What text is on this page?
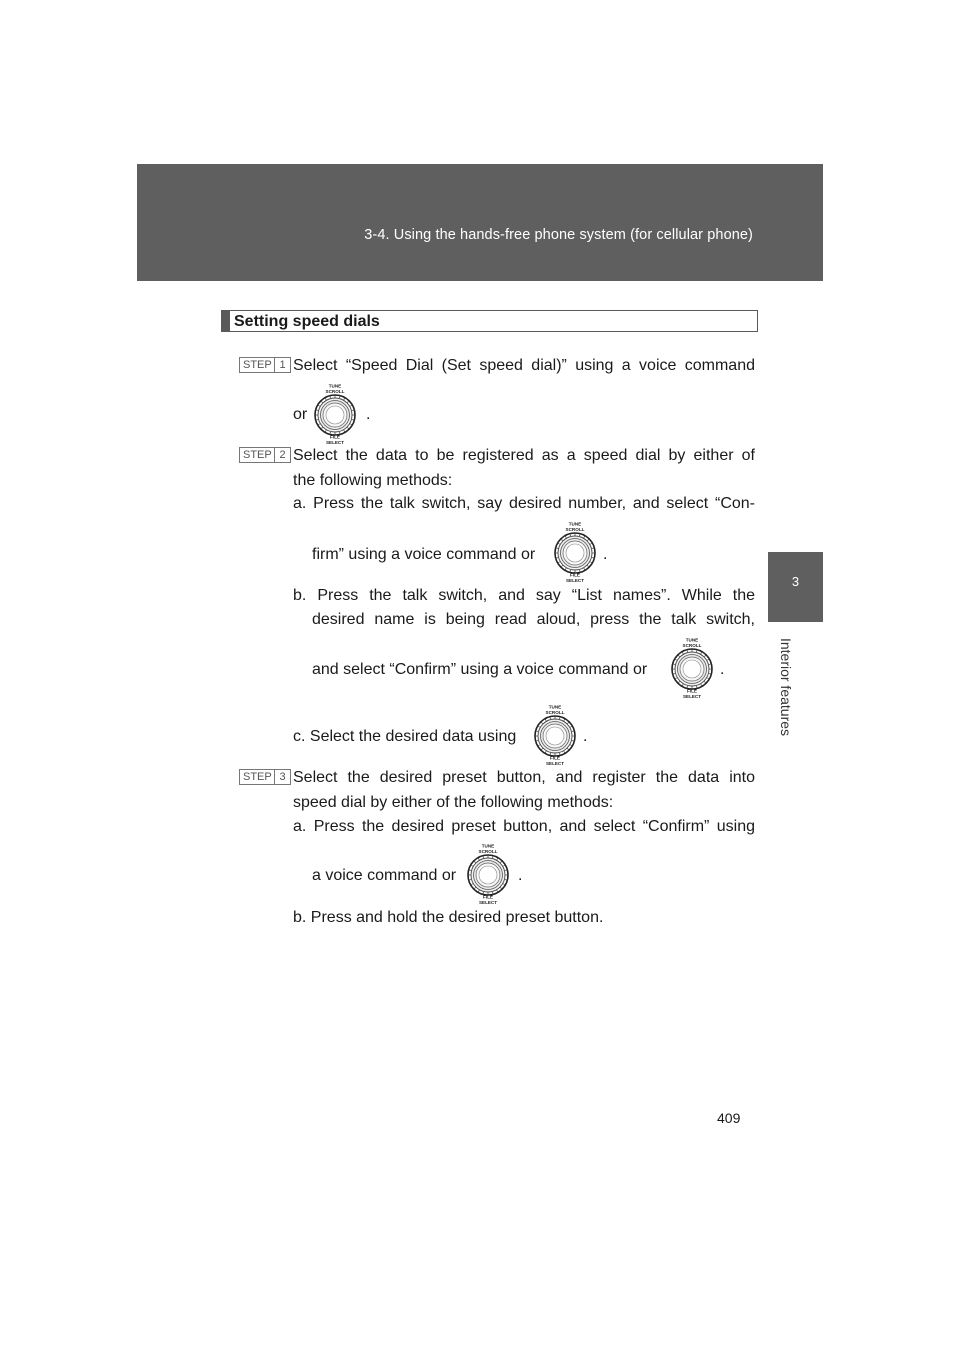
3-4. Using the hands-free phone system (for cellular phone)
3
Interior features
Setting speed dials
STEP 1 Select “Speed Dial (Set speed dial)” using a voice command
or
TUNE
SCROLL
FILE
SELECT
.
STEP 2 Select the data to be registered as a speed dial by either of
the following methods:
a. Press the talk switch, say desired number, and select “Con-
firm” using a voice command or
TUNE
SCROLL
FILE
SELECT
.
b. Press the talk switch, and say “List names”. While the
desired name is being read aloud, press the talk switch,
and select “Confirm” using a voice command or
TUNE
SCROLL
FILE
SELECT
.
c. Select the desired data using
TUNE
SCROLL
FILE
SELECT
.
STEP 3 Select the desired preset button, and register the data into
speed dial by either of the following methods:
a. Press the desired preset button, and select “Confirm” using
a voice command or
TUNE
SCROLL
FILE
SELECT
.
b. Press and hold the desired preset button.
409
